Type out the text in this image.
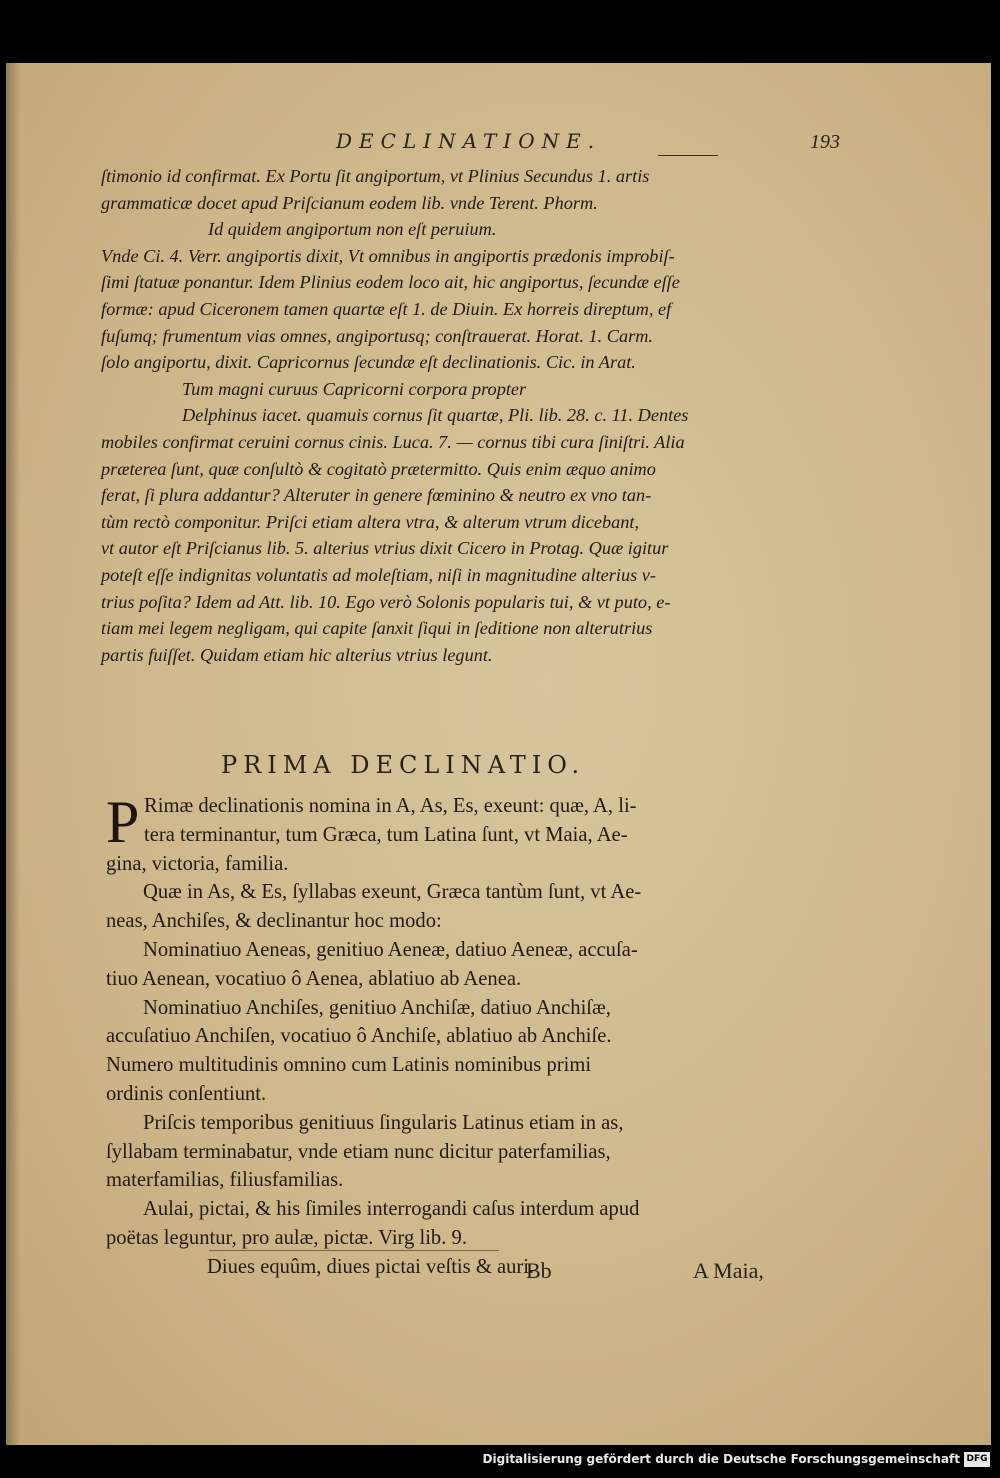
DECLINATIONE.	193
ſtimonio id confirmat. Ex Portu ſit angiportum, vt Plinius Secundus 1. artis
grammaticæ docet apud Priſcianum eodem lib. vnde Terent. Phorm.
Id quidem angiportum non eſt peruium.
Vnde Ci. 4. Verr. angiportis dixit, Vt omnibus in angiportis prædonis improbiſ-
ſimi ſtatuæ ponantur. Idem Plinius eodem loco ait, hic angiportus, ſecundæ eſſe
formæ: apud Ciceronem tamen quartæ eſt 1. de Diuin. Ex horreis direptum, ef
fuſumq; frumentum vias omnes, angiportusq; conſtrauerat. Horat. 1. Carm.
ſolo angiportu, dixit. Capricornus ſecundæ eſt declinationis. Cic. in Arat.
Tum magni curuus Capricorni corpora propter
Delphinus iacet. quamuis cornus ſit quartæ, Pli. lib. 28. c. 11. Dentes
mobiles confirmat ceruini cornus cinis. Luca. 7. — cornus tibi cura ſiniſtri. Alia
præterea ſunt, quæ conſultò & cogitatò prætermitto. Quis enim æquo animo
ferat, ſi plura addantur? Alteruter in genere fœminino & neutro ex vno tan-
tùm rectò componitur. Priſci etiam altera vtra, & alterum vtrum dicebant,
vt autor eſt Priſcianus lib. 5. alterius vtrius dixit Cicero in Protag. Quæ igitur
poteſt eſſe indignitas voluntatis ad moleſtiam, niſi in magnitudine alterius v-
trius poſita? Idem ad Att. lib. 10. Ego verò Solonis popularis tui, & vt puto, e-
tiam mei legem negligam, qui capite ſanxit ſiqui in ſeditione non alterutrius
partis fuiſſet. Quidam etiam hic alterius vtrius legunt.
PRIMA DECLINATIO.
P Rimæ declinationis nomina in A, As, Es, exeunt: quæ, A, li-
tera terminantur, tum Græca, tum Latina ſunt, vt Maia, Ae-
gina, victoria, familia.
Quæ in As, & Es, ſyllabas exeunt, Græca tantùm ſunt, vt Ae-
neas, Anchiſes, & declinantur hoc modo:
Nominatiuo Aeneas, genitiuo Aeneæ, datiuo Aeneæ, accuſa-
tiuo Aenean, vocatiuo ô Aenea, ablatiuo ab Aenea.
Nominatiuo Anchiſes, genitiuo Anchiſæ, datiuo Anchiſæ,
accuſatiuo Anchiſen, vocatiuo ô Anchiſe, ablatiuo ab Anchiſe.
Numero multitudinis omnino cum Latinis nominibus primi
ordinis conſentiunt.
Priſcis temporibus genitiuus ſingularis Latinus etiam in as,
ſyllabam terminabatur, vnde etiam nunc dicitur paterfamilias,
materfamilias, filiusfamilias.
Aulai, pictai, & his ſimiles interrogandi caſus interdum apud
poëtas leguntur, pro aulæ, pictæ. Virg lib. 9.
Diues equûm, diues pictai veſtis & auri.
Bb	A Maia,
Digitalisierung gefördert durch die Deutsche Forschungsgemeinschaft DFG
